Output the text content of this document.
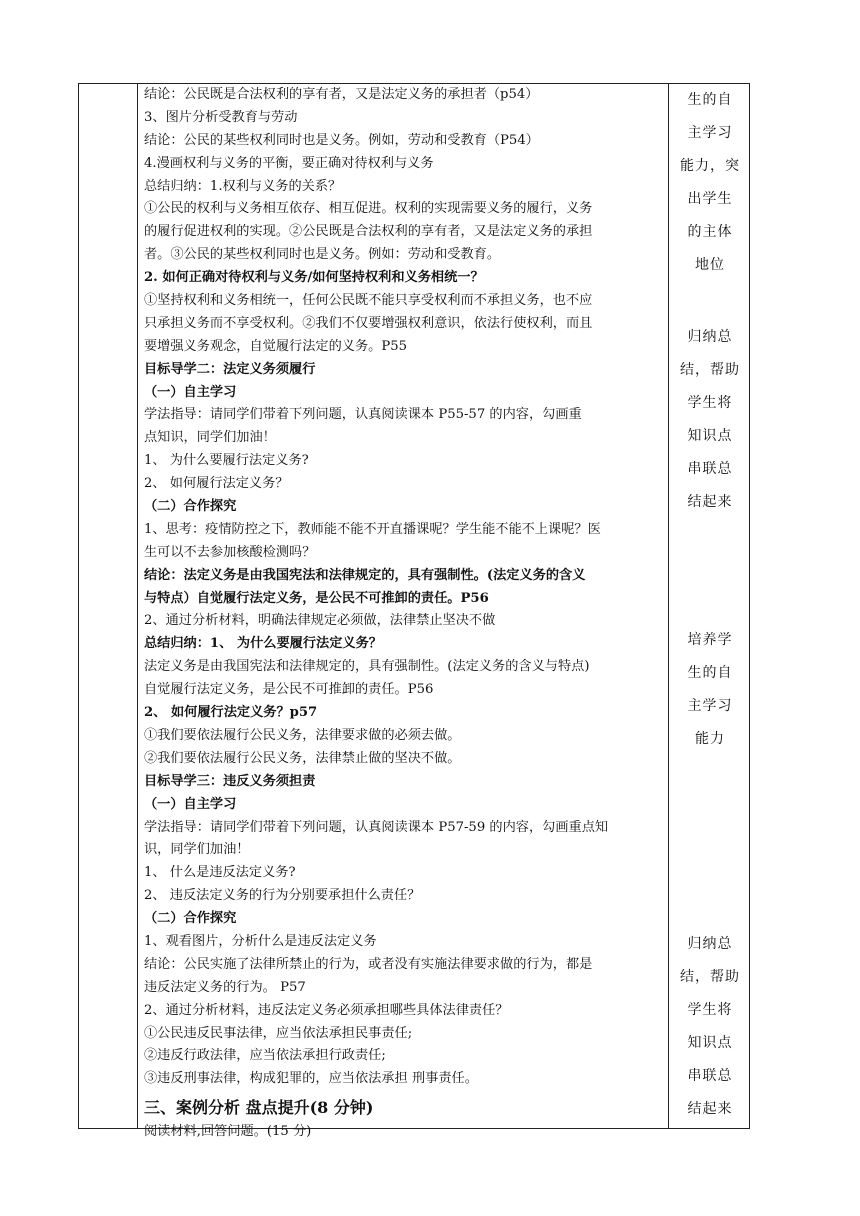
结论：公民既是合法权利的享有者，又是法定义务的承担者（p54）
3、图片分析受教育与劳动
结论：公民的某些权利同时也是义务。例如，劳动和受教育（P54）
4.漫画权利与义务的平衡，要正确对待权利与义务
总结归纳：1.权利与义务的关系？
①公民的权利与义务相互依存、相互促进。权利的实现需要义务的履行，义务
的履行促进权利的实现。②公民既是合法权利的享有者，又是法定义务的承担
者。③公民的某些权利同时也是义务。例如：劳动和受教育。
2. 如何正确对待权利与义务/如何坚持权利和义务相统一？
①坚持权利和义务相统一，任何公民既不能只享受权利而不承担义务，也不应
只承担义务而不享受权利。②我们不仅要增强权利意识，依法行使权利，而且
要增强义务观念，自觉履行法定的义务。P55
目标导学二：法定义务须履行
（一）自主学习
学法指导：请同学们带着下列问题，认真阅读课本 P55-57 的内容，勾画重
点知识，同学们加油！
1、 为什么要履行法定义务?
2、 如何履行法定义务？
（二）合作探究
1、思考：疫情防控之下，教师能不能不开直播课呢？学生能不能不上课呢？医
生可以不去参加核酸检测吗？
结论：法定义务是由我国宪法和法律规定的，具有强制性。(法定义务的含义
与特点）自觉履行法定义务，是公民不可推卸的责任。P56
2、通过分析材料，明确法律规定必须做，法律禁止坚决不做
总结归纳：1、 为什么要履行法定义务？
法定义务是由我国宪法和法律规定的，具有强制性。(法定义务的含义与特点)
自觉履行法定义务，是公民不可推卸的责任。P56
2、 如何履行法定义务？p57
①我们要依法履行公民义务，法律要求做的必须去做。
②我们要依法履行公民义务，法律禁止做的坚决不做。
目标导学三：违反义务须担责
（一）自主学习
学法指导：请同学们带着下列问题，认真阅读课本 P57-59 的内容，勾画重点知
识，同学们加油！
1、 什么是违反法定义务?
2、 违反法定义务的行为分别要承担什么责任？
（二）合作探究
1、观看图片，分析什么是违反法定义务
结论：公民实施了法律所禁止的行为，或者没有实施法律要求做的行为，都是
违反法定义务的行为。 P57
2、通过分析材料，违反法定义务必须承担哪些具体法律责任？
①公民违反民事法律，应当依法承担民事责任;
②违反行政法律，应当依法承担行政责任;
③违反刑事法律，构成犯罪的，应当依法承担 刑事责任。
三、案例分析 盘点提升(8 分钟)
阅读材料,回答问题。(15 分)
生的自
主学习
能力，突
出学生
的主体
地位
归纳总
结，帮助
学生将
知识点
串联总
结起来
培养学
生的自
主学习
能力
归纳总
结，帮助
学生将
知识点
串联总
结起来
